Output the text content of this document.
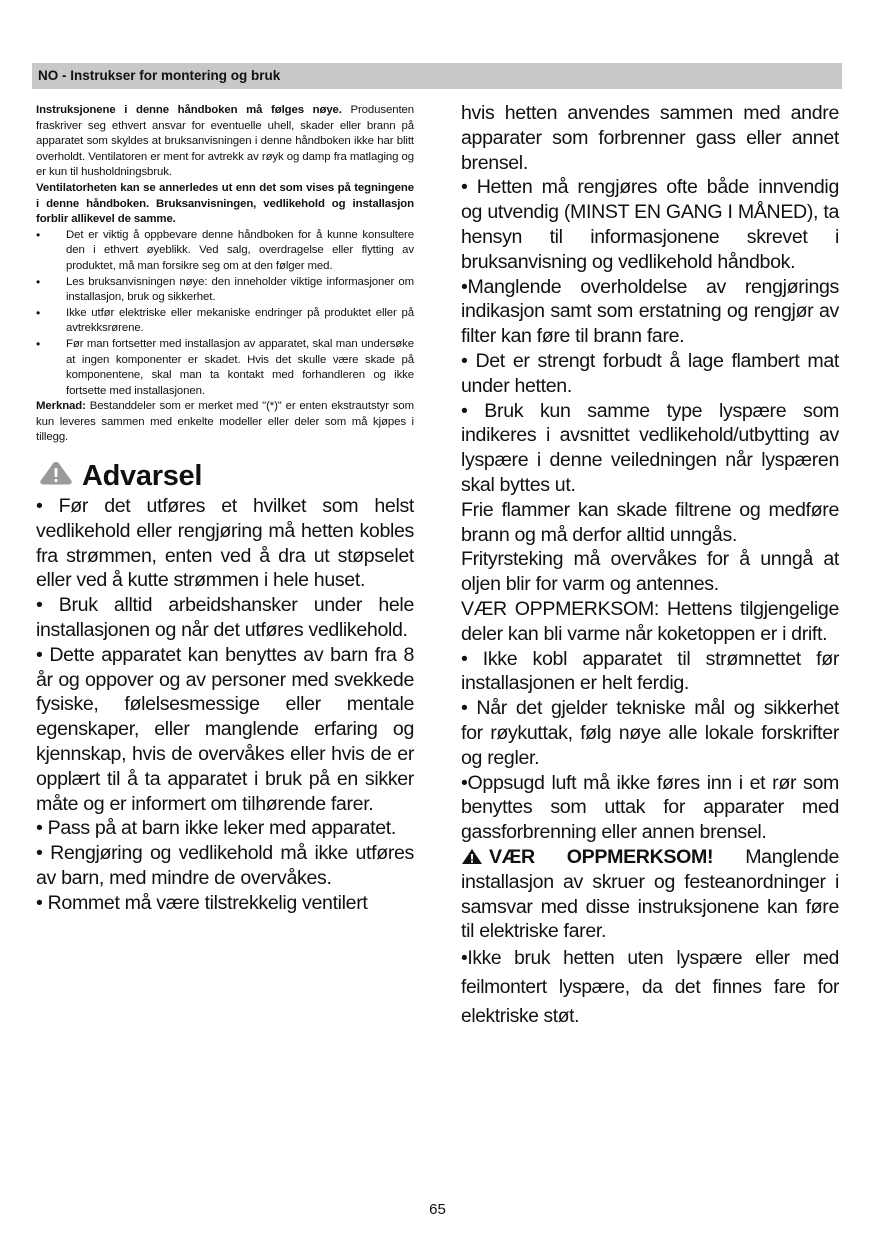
NO - Instrukser for montering og bruk

Instruksjonene i denne håndboken må følges nøye. Produsenten fraskriver seg ethvert ansvar for eventuelle uhell, skader eller brann på apparatet som skyldes at bruksanvisningen i denne håndboken ikke har blitt overholdt. Ventilatoren er ment for avtrekk av røyk og damp fra matlaging og er kun til husholdningsbruk.

Ventilatorheten kan se annerledes ut enn det som vises på tegningene i denne håndboken. Bruksanvisningen, vedlikehold og installasjon forblir allikevel de samme.

• Det er viktig å oppbevare denne håndboken for å kunne konsultere den i ethvert øyeblikk. Ved salg, overdragelse eller flytting av produktet, må man forsikre seg om at den følger med.
• Les bruksanvisningen nøye: den inneholder viktige informasjoner om installasjon, bruk og sikkerhet.
• Ikke utfør elektriske eller mekaniske endringer på produktet eller på avtrekksrørene.
• Før man fortsetter med installasjon av apparatet, skal man undersøke at ingen komponenter er skadet. Hvis det skulle være skade på komponentene, skal man ta kontakt med forhandleren og ikke fortsette med installasjonen.

Merknad: Bestanddeler som er merket med "(*)" er enten ekstrautstyr som kun leveres sammen med enkelte modeller eller deler som må kjøpes i tillegg.

Advarsel

• Før det utføres et hvilket som helst vedlikehold eller rengjøring må hetten kobles fra strømmen, enten ved å dra ut støpselet eller ved å kutte strømmen i hele huset.

• Bruk alltid arbeidshansker under hele installasjonen og når det utføres vedlikehold.

• Dette apparatet kan benyttes av barn fra 8 år og oppover og av personer med svekkede fysiske, følelsesmessige eller mentale egenskaper, eller manglende erfaring og kjennskap, hvis de overvåkes eller hvis de er opplært til å ta apparatet i bruk på en sikker måte og er informert om tilhørende farer.

• Pass på at barn ikke leker med apparatet.

• Rengjøring og vedlikehold må ikke utføres av barn, med mindre de overvåkes.

• Rommet må være tilstrekkelig ventilert

hvis hetten anvendes sammen med andre apparater som forbrenner gass eller annet brensel.

• Hetten må rengjøres ofte både innvendig og utvendig (MINST EN GANG I MÅNED), ta hensyn til informasjonene skrevet i bruksanvisning og vedlikehold håndbok.

•Manglende overholdelse av rengjørings indikasjon samt som erstatning og rengjør av filter kan føre til brann fare.

• Det er strengt forbudt å lage flambert mat under hetten.

• Bruk kun samme type lyspære som indikeres i avsnittet vedlikehold/utbytting av lyspære i denne veiledningen når lyspæren skal byttes ut.

Frie flammer kan skade filtrene og medføre brann og må derfor alltid unngås.

Frityrsteking må overvåkes for å unngå at oljen blir for varm og antennes.

VÆR OPPMERKSOM: Hettens tilgjengelige deler kan bli varme når koketoppen er i drift.

• Ikke kobl apparatet til strømnettet før installasjonen er helt ferdig.

• Når det gjelder tekniske mål og sikkerhet for røykuttak, følg nøye alle lokale forskrifter og regler.

•Oppsugd luft må ikke føres inn i et rør som benyttes som uttak for apparater med gassforbrenning eller annen brensel.

VÆR OPPMERKSOM! Manglende installasjon av skruer og festeanordninger i samsvar med disse instruksjonene kan føre til elektriske farer.

•Ikke bruk hetten uten lyspære eller med feilmontert lyspære, da det finnes fare for elektriske støt.

65
